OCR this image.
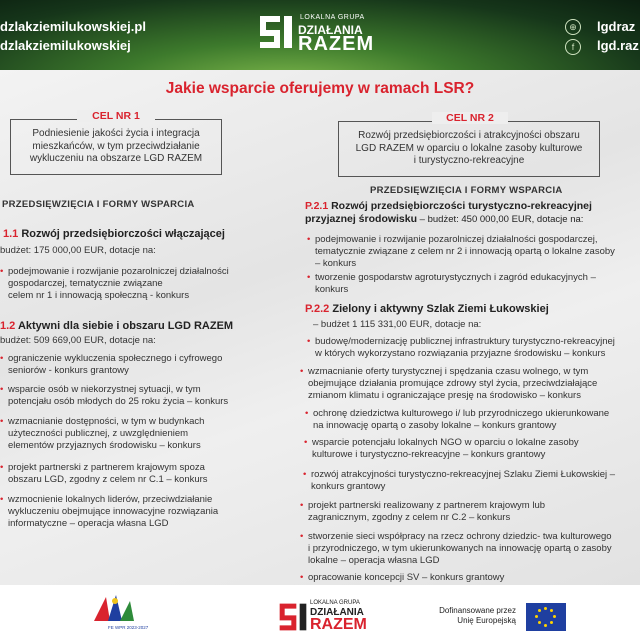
dzlakziemilukowskiej.pl
dzlakziemilukowskiej
LOKALNA GRUPA
DZIAŁANIA
RAZEM
⊕
f
lgdraz
lgd.raz
Jakie wsparcie oferujemy w ramach LSR?
Podniesienie jakości życia i integracja
mieszkańców, w tym przeciwdziałanie
wykluczeniu na obszarze LGD RAZEM
CEL NR 1
Rozwój przedsiębiorczości i atrakcyjności obszaru
LGD RAZEM w oparciu o lokalne zasoby kulturowe
i turystyczno-rekreacyjne
CEL NR 2
PRZEDSIĘWZIĘCIA I FORMY WSPARCIA
1.1 Rozwój przedsiębiorczości włączającej
budżet: 175 000,00 EUR, dotacje na:

• podejmowanie i rozwijanie pozarolniczej działalności
gospodarczej, tematycznie związane
celem nr 1 i innowacją społeczną - konkurs
1.2 Aktywni dla siebie i obszaru LGD RAZEM
budżet: 509 669,00 EUR, dotacje na:

• ograniczenie wykluczenia społecznego i cyfrowego
seniorów - konkurs grantowy

• wsparcie osób w niekorzystnej sytuacji, w tym
potencjału osób młodych do 25 roku życia – konkurs

• wzmacnianie dostępności, w tym w budynkach
użyteczności publicznej, z uwzględnieniem
elementów przyjaznych środowisku – konkurs

• projekt partnerski z partnerem krajowym spoza
obszaru LGD, zgodny z celem nr C.1 – konkurs

• wzmocnienie lokalnych liderów, przeciwdziałanie
wykluczeniu obejmujące innowacyjne rozwiązania
informatyczne – operacja własna LGD
PRZEDSIĘWZIĘCIA I FORMY WSPARCIA
P.2.1 Rozwój przedsiębiorczości turystyczno-rekreacyjnej
przyjaznej środowisku – budżet: 450 000,00 EUR, dotacje na:

• podejmowanie i rozwijanie pozarolniczej działalności gospodarczej,
tematycznie związane z celem nr 2 i innowacją opartą o lokalne zasoby
– konkurs

• tworzenie gospodarstw agroturystycznych i zagród edukacyjnych –
konkurs
P.2.2 Zielony i aktywny Szlak Ziemi Łukowskiej
– budżet 1 115 331,00 EUR, dotacje na:

• budowę/modernizację publicznej infrastruktury turystyczno-rekreacyjnej
w których wykorzystano rozwiązania przyjazne środowisku – konkurs

• wzmacnianie oferty turystycznej i spędzania czasu wolnego, w tym
obejmujące działania promujące zdrowy styl życia, przeciwdziałające
zmianom klimatu i ograniczające presję na środowisko – konkurs

• ochronę dziedzictwa kulturowego i/ lub przyrodniczego ukierunkowane
na innowację opartą o zasoby lokalne – konkurs grantowy

• wsparcie potencjału lokalnych NGO w oparciu o lokalne zasoby
kulturowe i turystyczno-rekreacyjne – konkurs grantowy

• rozwój atrakcyjności turystyczno-rekreacyjnej Szlaku Ziemi Łukowskiej –
konkurs grantowy

• projekt partnerski realizowany z partnerem krajowym lub
zagranicznym, zgodny z celem nr C.2 – konkurs

• stworzenie sieci współpracy na rzecz ochrony dziedzic- twa kulturowego
i przyrodniczego, w tym ukierunkowanych na innowację opartą o zasoby
lokalne – operacja własna LGD

• opracowanie koncepcji SV – konkurs grantowy
FE WPR 2023-2027
LOKALNA GRUPA
DZIAŁANIA
RAZEM
Dofinansowane przez
Unię Europejską
